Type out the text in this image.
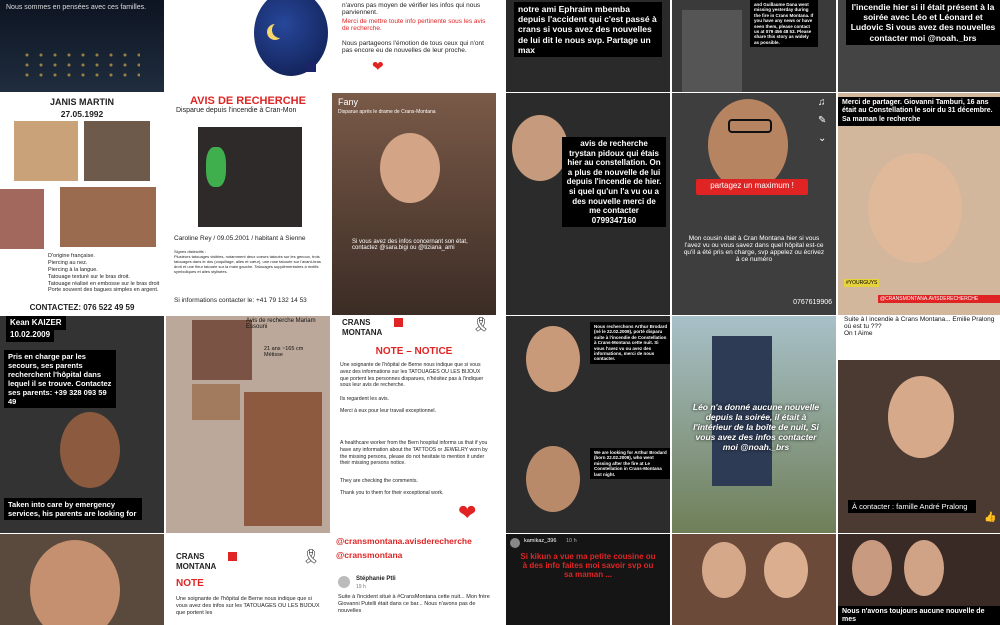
Nous sommes en pensées avec ces familles.	n'avons pas moyen de vérifier les infos qui nous parviennent.
Merci de mettre toute info pertinente sous les avis de recherche.
Nous partageons l'émotion de tous ceux qui n'ont pas encore eu de nouvelles de leur proche.
❤
notre ami Ephraim mbemba depuis l'accident qui c'est passé à crans si vous avez des nouvelles de lui dit le nous svp. Partage un max
and Guillaume Dana went missing yesterday during the fire in Crans Montana. If you have any news or have seen them, please contact us at 079 456 48 53. Please share this story as widely as possible.
l'incendie hier si il était présent à la soirée avec Léo et Léonard et Ludovic Si vous avez des nouvelles contacter moi @noah._brs
JANIS MARTIN
27.05.1992
D'origine française.
Piercing au nez.
Piercing à la langue.
Tatouage texturé sur le bras droit.
Tatouage réalisé en embosse sur le bras droit
Porte souvent des bagues simples en argent.
CONTACTEZ: 076 522 49 59
AVIS DE RECHERCHE
Disparue depuis l'incendie à Cran-Mon
Caroline Rey / 09.05.2001 / habitant à Sienne
Signes distinctifs :
Plusieurs tatouages visibles, notamment deux coeurs tatoués sur les genoux, trois tatouages dans le dos (coquillage, ailes et cœur), une rose tatouée sur l'avant-bras droit et une fleur tatouée sur la main gauche. Tatouages supplémentaires à motifs symboliques et ailes stylisées.
Si informations contacter le: +41 79 132 14 53
Fany
Disparue après le drame de Crans-Montana
Si vous avez des infos concernant son état, contactez @sara.bigi ou @tiziana_ami
avis de recherche trystan pidoux qui étais hier au constellation. On a plus de nouvelle de lui depuis l'incendie de hier. si quel qu'un l'a vu ou a des nouvelle merci de me contacter 0799347160
♫
✎
⌄
partagez un maximum !
Mon cousin était à Cran Montana hier si vous l'avez vu ou vous savez dans quel hôpital est-ce qu'il a été pris en charge, svp appelez ou écrivez à ce numéro
0767619906
Merci de partager. Giovanni Tamburi, 16 ans était au Constellation le soir du 31 décembre. Sa maman le recherche
#YOURGUYS
@CRANSMONTANA.AVISDERECHERCHE
Kean KAIZER
10.02.2009
Pris en charge par les secours, ses parents recherchent l'hôpital dans lequel il se trouve. Contactez ses parents: +39 328 093 59 49
Taken into care by emergency services, his parents are looking for
Avis de recherche Mariam Essouni
21 ans ~165 cm Métisse
CRANS
MONTANA
🎗
NOTE – NOTICE
Une soignante de l'hôpital de Berne nous indique que si vous avez des informations sur les TATOUAGES OU LES BIJOUX que portent les personnes disparues, n'hésitez pas à l'indiquer sous leur avis de recherche.
Ils regardent les avis.
Merci à eux pour leur travail exceptionnel.
A healthcare worker from the Bern hospital informs us that if you have any information about the TATTOOS or JEWELRY worn by the missing persons, please do not hesitate to mention it under their missing persons notice.
They are checking the comments.
Thank you to them for their exceptional work.
❤
Nous recherchons Arthur Brodard (né le 22.02.2009), porté disparu suite à l'incendie de Constellation à Crans-Montana cette nuit. Si vous l'avez vu ou avez des informations, merci de nous contacter.
We are looking for Arthur Brodard (born 22.02.2009), who went missing after the fire at Le Constellation in Crans-Montana last night.
Léo n'a donné aucune nouvelle depuis la soirée, il était à l'intérieur de la boîte de nuit, Si vous avez des infos contacter moi @noah._brs
Suite à l incendie à Crans Montana... Emilie Pralong où est tu ???
On t Aime
À contacter : famille André Pralong
👍
CRANS
MONTANA
🎗
NOTE
Une soignante de l'hôpital de Berne nous indique que si vous avez des infos sur les TATOUAGES OU LES BIJOUX que portent les
@cransmontana.avisderecherche
@cransmontana
Stéphanie Ptli
19 h
Suite à l'incident situé à #CransMontana cette nuit... Mon frère Giovanni Putelli était dans ce bar... Nous n'avons pas de nouvelles
kamikaz_396 10 h
Si kikun a vue ma petite cousine ou à des info faites moi savoir svp ou sa maman ...
Nous n'avons toujours aucune nouvelle de mes
